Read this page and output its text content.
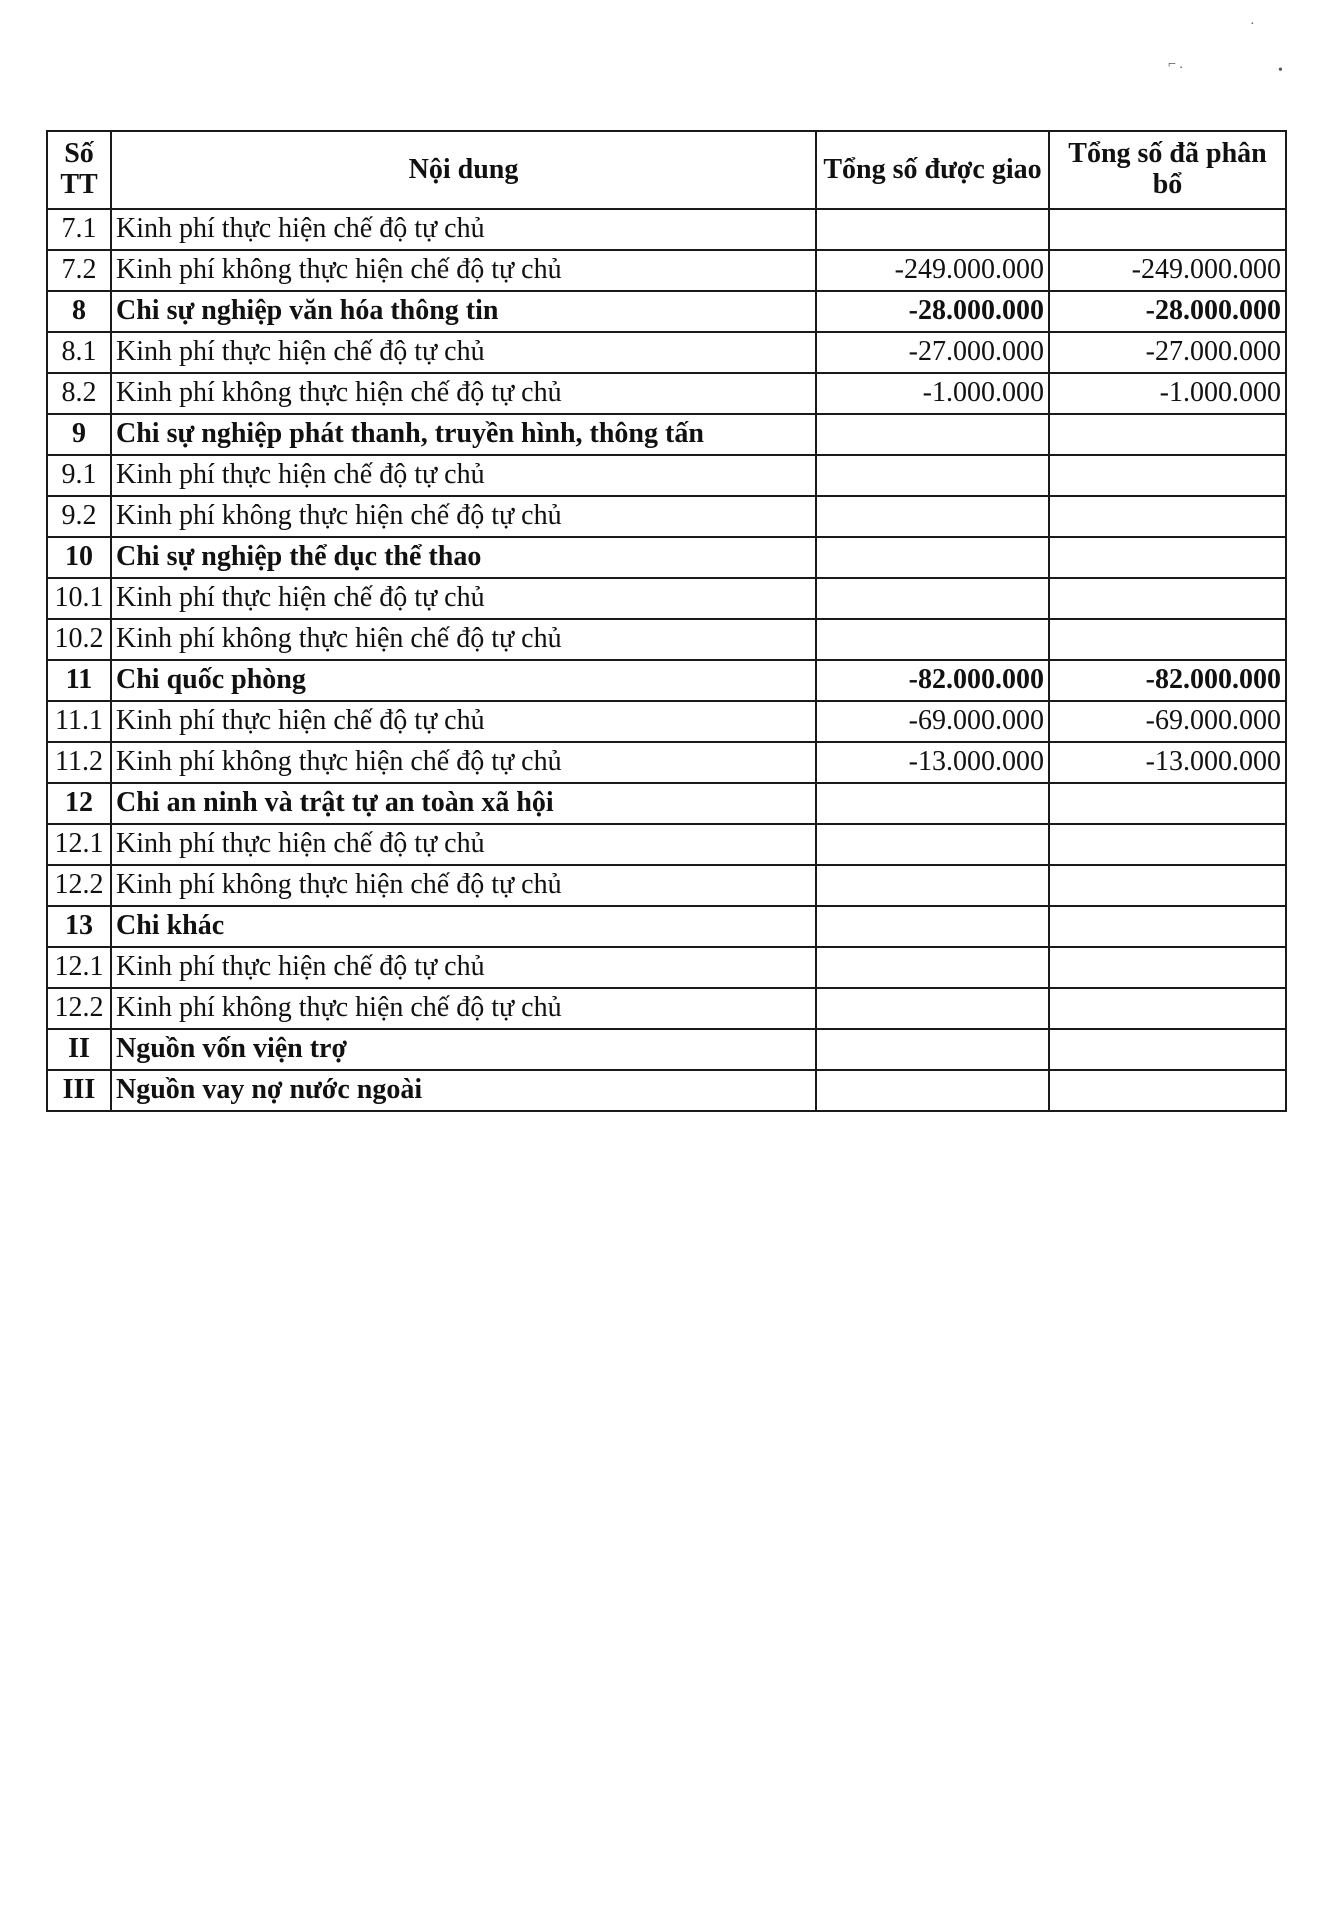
·
⌐ .	•
Số TT	Nội dung	Tổng số được giao	Tổng số đã phân bổ
7.1	Kinh phí thực hiện chế độ tự chủ		
7.2	Kinh phí không thực hiện chế độ tự chủ	-249.000.000	-249.000.000
8	Chi sự nghiệp văn hóa thông tin	-28.000.000	-28.000.000
8.1	Kinh phí thực hiện chế độ tự chủ	-27.000.000	-27.000.000
8.2	Kinh phí không thực hiện chế độ tự chủ	-1.000.000	-1.000.000
9	Chi sự nghiệp phát thanh, truyền hình, thông tấn		
9.1	Kinh phí thực hiện chế độ tự chủ		
9.2	Kinh phí không thực hiện chế độ tự chủ		
10	Chi sự nghiệp thể dục thể thao		
10.1	Kinh phí thực hiện chế độ tự chủ		
10.2	Kinh phí không thực hiện chế độ tự chủ		
11	Chi quốc phòng	-82.000.000	-82.000.000
11.1	Kinh phí thực hiện chế độ tự chủ	-69.000.000	-69.000.000
11.2	Kinh phí không thực hiện chế độ tự chủ	-13.000.000	-13.000.000
12	Chi an ninh và trật tự an toàn xã hội		
12.1	Kinh phí thực hiện chế độ tự chủ		
12.2	Kinh phí không thực hiện chế độ tự chủ		
13	Chi khác		
12.1	Kinh phí thực hiện chế độ tự chủ		
12.2	Kinh phí không thực hiện chế độ tự chủ		
II	Nguồn vốn viện trợ		
III	Nguồn vay nợ nước ngoài		
